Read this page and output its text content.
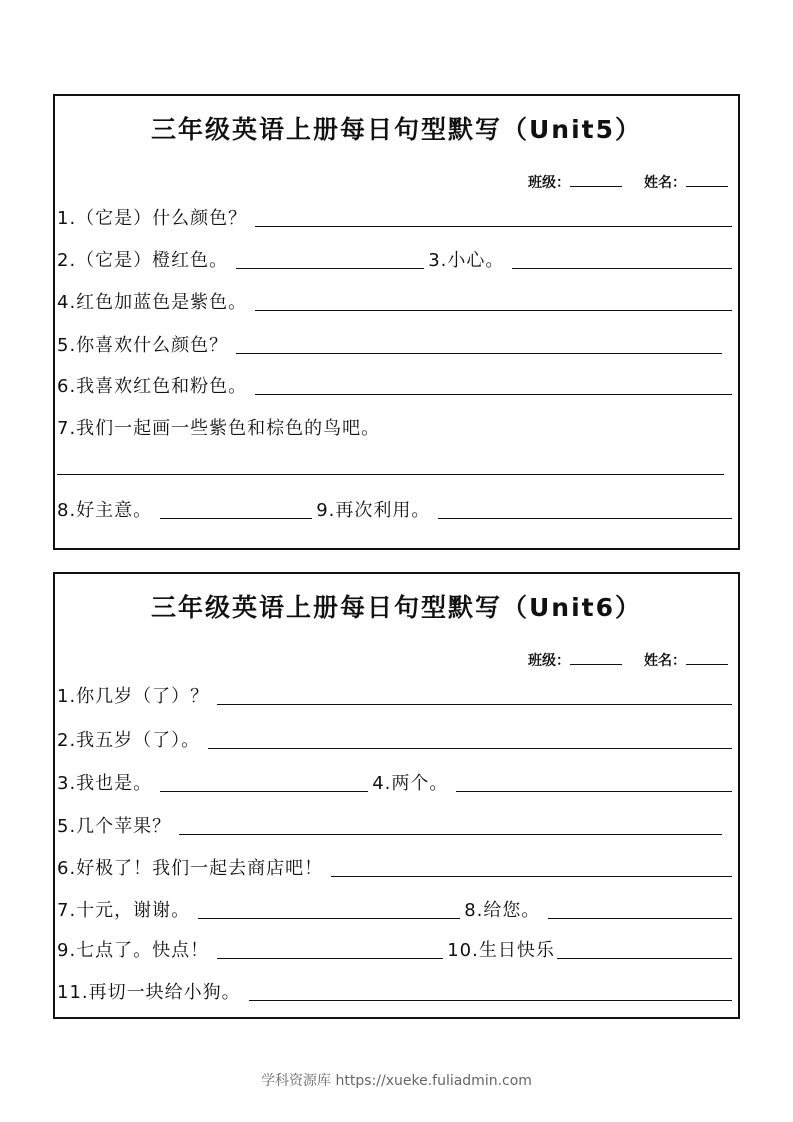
三年级英语上册每日句型默写（Unit5）
班级：	姓名：
1.（它是）什么颜色？
2.（它是）橙红色。	3.小心。
4.红色加蓝色是紫色。
5.你喜欢什么颜色？
6.我喜欢红色和粉色。
7.我们一起画一些紫色和棕色的鸟吧。
8.好主意。	9.再次利用。
三年级英语上册每日句型默写（Unit6）
班级：	姓名：
1.你几岁（了）？
2.我五岁（了）。
3.我也是。	4.两个。
5.几个苹果？
6.好极了！我们一起去商店吧！
7.十元，谢谢。	8.给您。
9.七点了。快点！	10.生日快乐
11.再切一块给小狗。
学科资源库 https://xueke.fuliadmin.com
